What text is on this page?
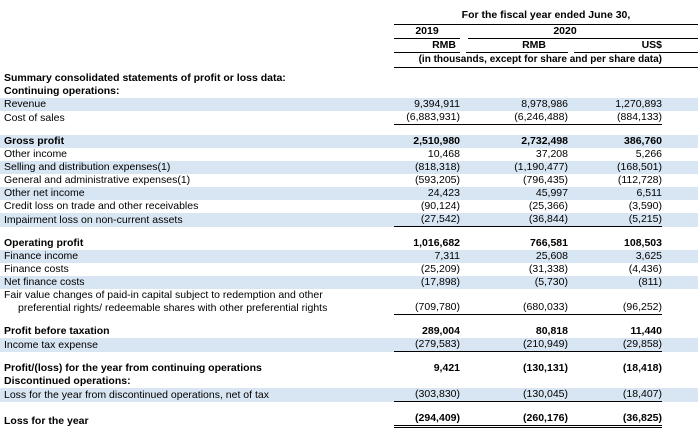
For the fiscal year ended June 30,
2019	2020
RMB	RMB	US$
(in thousands, except for share and per share data)
Summary consolidated statements of profit or loss data:
Continuing operations:
Revenue	9,394,911	8,978,986	1,270,893
Cost of sales	(6,883,931)	(6,246,488)	(884,133)
Gross profit	2,510,980	2,732,498	386,760
Other income	10,468	37,208	5,266
Selling and distribution expenses(1)	(818,318)	(1,190,477)	(168,501)
General and administrative expenses(1)	(593,205)	(796,435)	(112,728)
Other net income	24,423	45,997	6,511
Credit loss on trade and other receivables	(90,124)	(25,366)	(3,590)
Impairment loss on non-current assets	(27,542)	(36,844)	(5,215)
Operating profit	1,016,682	766,581	108,503
Finance income	7,311	25,608	3,625
Finance costs	(25,209)	(31,338)	(4,436)
Net finance costs	(17,898)	(5,730)	(811)
Fair value changes of paid-in capital subject to redemption and other
preferential rights/ redeemable shares with other preferential rights	(709,780)	(680,033)	(96,252)
Profit before taxation	289,004	80,818	11,440
Income tax expense	(279,583)	(210,949)	(29,858)
Profit/(loss) for the year from continuing operations	9,421	(130,131)	(18,418)
Discontinued operations:
Loss for the year from discontinued operations, net of tax	(303,830)	(130,045)	(18,407)
Loss for the year	(294,409)	(260,176)	(36,825)
